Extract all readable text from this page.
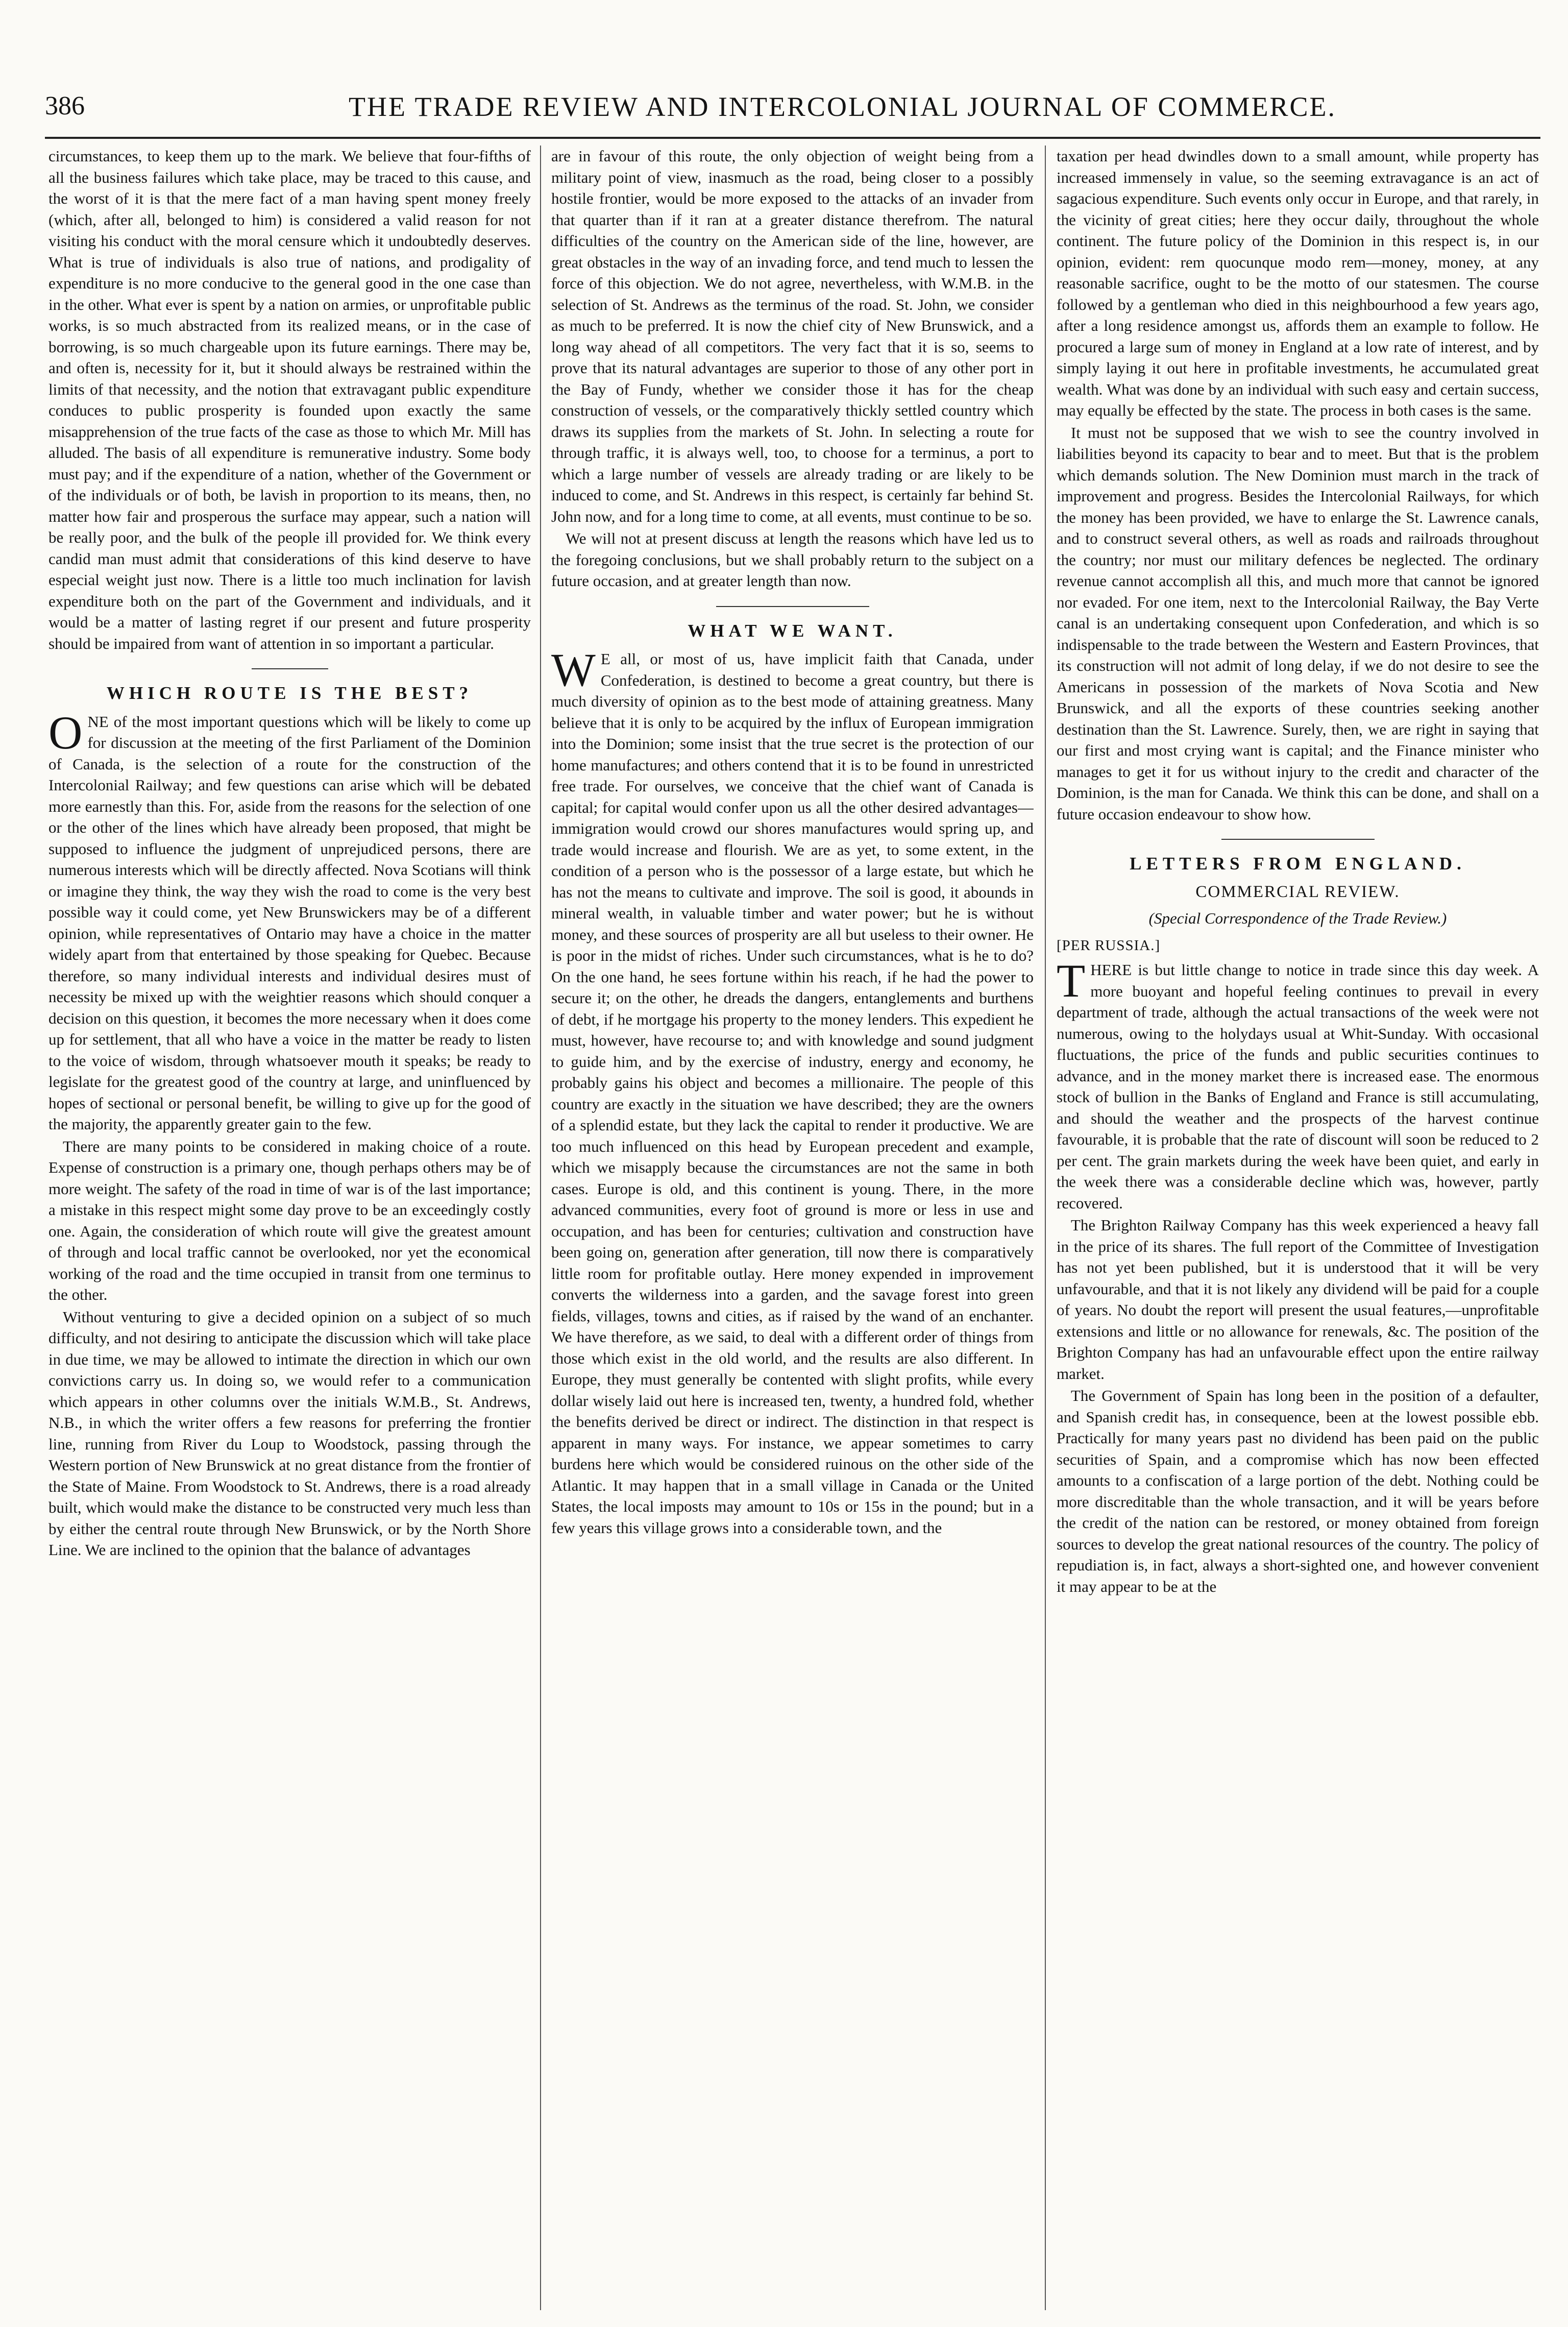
386	THE TRADE REVIEW AND INTERCOLONIAL JOURNAL OF COMMERCE.

circumstances, to keep them up to the mark. We believe that four-fifths of all the business failures which take place, may be traced to this cause, and the worst of it is that the mere fact of a man having spent money freely (which, after all, belonged to him) is considered a valid reason for not visiting his conduct with the moral censure which it undoubtedly deserves. What is true of individuals is also true of nations, and prodigality of expenditure is no more conducive to the general good in the one case than in the other. What ever is spent by a nation on armies, or unprofitable public works, is so much abstracted from its realized means, or in the case of borrowing, is so much chargeable upon its future earnings. There may be, and often is, necessity for it, but it should always be restrained within the limits of that necessity, and the notion that extravagant public expenditure conduces to public prosperity is founded upon exactly the same misapprehension of the true facts of the case as those to which Mr. Mill has alluded. The basis of all expenditure is remunerative industry. Some body must pay; and if the expenditure of a nation, whether of the Government or of the individuals or of both, be lavish in proportion to its means, then, no matter how fair and prosperous the surface may appear, such a nation will be really poor, and the bulk of the people ill provided for. We think every candid man must admit that considerations of this kind deserve to have especial weight just now. There is a little too much inclination for lavish expenditure both on the part of the Government and individuals, and it would be a matter of lasting regret if our present and future prosperity should be impaired from want of attention in so important a particular.

WHICH ROUTE IS THE BEST?

ONE of the most important questions which will be likely to come up for discussion at the meeting of the first Parliament of the Dominion of Canada, is the selection of a route for the construction of the Intercolonial Railway; and few questions can arise which will be debated more earnestly than this. For, aside from the reasons for the selection of one or the other of the lines which have already been proposed, that might be supposed to influence the judgment of unprejudiced persons, there are numerous interests which will be directly affected. Nova Scotians will think or imagine they think, the way they wish the road to come is the very best possible way it could come, yet New Brunswickers may be of a different opinion, while representatives of Ontario may have a choice in the matter widely apart from that entertained by those speaking for Quebec. Because therefore, so many individual interests and individual desires must of necessity be mixed up with the weightier reasons which should conquer a decision on this question, it becomes the more necessary when it does come up for settlement, that all who have a voice in the matter be ready to listen to the voice of wisdom, through whatsoever mouth it speaks; be ready to legislate for the greatest good of the country at large, and uninfluenced by hopes of sectional or personal benefit, be willing to give up for the good of the majority, the apparently greater gain to the few.

There are many points to be considered in making choice of a route. Expense of construction is a primary one, though perhaps others may be of more weight. The safety of the road in time of war is of the last importance; a mistake in this respect might some day prove to be an exceedingly costly one. Again, the consideration of which route will give the greatest amount of through and local traffic cannot be overlooked, nor yet the economical working of the road and the time occupied in transit from one terminus to the other.

Without venturing to give a decided opinion on a subject of so much difficulty, and not desiring to anticipate the discussion which will take place in due time, we may be allowed to intimate the direction in which our own convictions carry us. In doing so, we would refer to a communication which appears in other columns over the initials W.M.B., St. Andrews, N.B., in which the writer offers a few reasons for preferring the frontier line, running from River du Loup to Woodstock, passing through the Western portion of New Brunswick at no great distance from the frontier of the State of Maine. From Woodstock to St. Andrews, there is a road already built, which would make the distance to be constructed very much less than by either the central route through New Brunswick, or by the North Shore Line. We are inclined to the opinion that the balance of advantages

are in favour of this route, the only objection of weight being from a military point of view, inasmuch as the road, being closer to a possibly hostile frontier, would be more exposed to the attacks of an invader from that quarter than if it ran at a greater distance therefrom. The natural difficulties of the country on the American side of the line, however, are great obstacles in the way of an invading force, and tend much to lessen the force of this objection. We do not agree, nevertheless, with W.M.B. in the selection of St. Andrews as the terminus of the road. St. John, we consider as much to be preferred. It is now the chief city of New Brunswick, and a long way ahead of all competitors. The very fact that it is so, seems to prove that its natural advantages are superior to those of any other port in the Bay of Fundy, whether we consider those it has for the cheap construction of vessels, or the comparatively thickly settled country which draws its supplies from the markets of St. John. In selecting a route for through traffic, it is always well, too, to choose for a terminus, a port to which a large number of vessels are already trading or are likely to be induced to come, and St. Andrews in this respect, is certainly far behind St. John now, and for a long time to come, at all events, must continue to be so.

We will not at present discuss at length the reasons which have led us to the foregoing conclusions, but we shall probably return to the subject on a future occasion, and at greater length than now.

WHAT WE WANT.

W E all, or most of us, have implicit faith that Canada, under Confederation, is destined to become a great country, but there is much diversity of opinion as to the best mode of attaining greatness. Many believe that it is only to be acquired by the influx of European immigration into the Dominion; some insist that the true secret is the protection of our home manufactures; and others contend that it is to be found in unrestricted free trade. For ourselves, we conceive that the chief want of Canada is capital; for capital would confer upon us all the other desired advantages—immigration would crowd our shores manufactures would spring up, and trade would increase and flourish. We are as yet, to some extent, in the condition of a person who is the possessor of a large estate, but which he has not the means to cultivate and improve. The soil is good, it abounds in mineral wealth, in valuable timber and water power; but he is without money, and these sources of prosperity are all but useless to their owner. He is poor in the midst of riches. Under such circumstances, what is he to do? On the one hand, he sees fortune within his reach, if he had the power to secure it; on the other, he dreads the dangers, entanglements and burthens of debt, if he mortgage his property to the money lenders. This expedient he must, however, have recourse to; and with knowledge and sound judgment to guide him, and by the exercise of industry, energy and economy, he probably gains his object and becomes a millionaire. The people of this country are exactly in the situation we have described; they are the owners of a splendid estate, but they lack the capital to render it productive. We are too much influenced on this head by European precedent and example, which we misapply because the circumstances are not the same in both cases. Europe is old, and this continent is young. There, in the more advanced communities, every foot of ground is more or less in use and occupation, and has been for centuries; cultivation and construction have been going on, generation after generation, till now there is comparatively little room for profitable outlay. Here money expended in improvement converts the wilderness into a garden, and the savage forest into green fields, villages, towns and cities, as if raised by the wand of an enchanter. We have therefore, as we said, to deal with a different order of things from those which exist in the old world, and the results are also different. In Europe, they must generally be contented with slight profits, while every dollar wisely laid out here is increased ten, twenty, a hundred fold, whether the benefits derived be direct or indirect. The distinction in that respect is apparent in many ways. For instance, we appear sometimes to carry burdens here which would be considered ruinous on the other side of the Atlantic. It may happen that in a small village in Canada or the United States, the local imposts may amount to 10s or 15s in the pound; but in a few years this village grows into a considerable town, and the

taxation per head dwindles down to a small amount, while property has increased immensely in value, so the seeming extravagance is an act of sagacious expenditure. Such events only occur in Europe, and that rarely, in the vicinity of great cities; here they occur daily, throughout the whole continent. The future policy of the Dominion in this respect is, in our opinion, evident: rem quocunque modo rem—money, money, at any reasonable sacrifice, ought to be the motto of our statesmen. The course followed by a gentleman who died in this neighbourhood a few years ago, after a long residence amongst us, affords them an example to follow. He procured a large sum of money in England at a low rate of interest, and by simply laying it out here in profitable investments, he accumulated great wealth. What was done by an individual with such easy and certain success, may equally be effected by the state. The process in both cases is the same.

It must not be supposed that we wish to see the country involved in liabilities beyond its capacity to bear and to meet. But that is the problem which demands solution. The New Dominion must march in the track of improvement and progress. Besides the Intercolonial Railways, for which the money has been provided, we have to enlarge the St. Lawrence canals, and to construct several others, as well as roads and railroads throughout the country; nor must our military defences be neglected. The ordinary revenue cannot accomplish all this, and much more that cannot be ignored nor evaded. For one item, next to the Intercolonial Railway, the Bay Verte canal is an undertaking consequent upon Confederation, and which is so indispensable to the trade between the Western and Eastern Provinces, that its construction will not admit of long delay, if we do not desire to see the Americans in possession of the markets of Nova Scotia and New Brunswick, and all the exports of these countries seeking another destination than the St. Lawrence. Surely, then, we are right in saying that our first and most crying want is capital; and the Finance minister who manages to get it for us without injury to the credit and character of the Dominion, is the man for Canada. We think this can be done, and shall on a future occasion endeavour to show how.

LETTERS FROM ENGLAND.
COMMERCIAL REVIEW.
(Special Correspondence of the Trade Review.)
[PER RUSSIA.]

THERE is but little change to notice in trade since this day week. A more buoyant and hopeful feeling continues to prevail in every department of trade, although the actual transactions of the week were not numerous, owing to the holydays usual at Whit-Sunday. With occasional fluctuations, the price of the funds and public securities continues to advance, and in the money market there is increased ease. The enormous stock of bullion in the Banks of England and France is still accumulating, and should the weather and the prospects of the harvest continue favourable, it is probable that the rate of discount will soon be reduced to 2 per cent. The grain markets during the week have been quiet, and early in the week there was a considerable decline which was, however, partly recovered.

The Brighton Railway Company has this week experienced a heavy fall in the price of its shares. The full report of the Committee of Investigation has not yet been published, but it is understood that it will be very unfavourable, and that it is not likely any dividend will be paid for a couple of years. No doubt the report will present the usual features,—unprofitable extensions and little or no allowance for renewals, &c. The position of the Brighton Company has had an unfavourable effect upon the entire railway market.

The Government of Spain has long been in the position of a defaulter, and Spanish credit has, in consequence, been at the lowest possible ebb. Practically for many years past no dividend has been paid on the public securities of Spain, and a compromise which has now been effected amounts to a confiscation of a large portion of the debt. Nothing could be more discreditable than the whole transaction, and it will be years before the credit of the nation can be restored, or money obtained from foreign sources to develop the great national resources of the country. The policy of repudiation is, in fact, always a short-sighted one, and however convenient it may appear to be at the
